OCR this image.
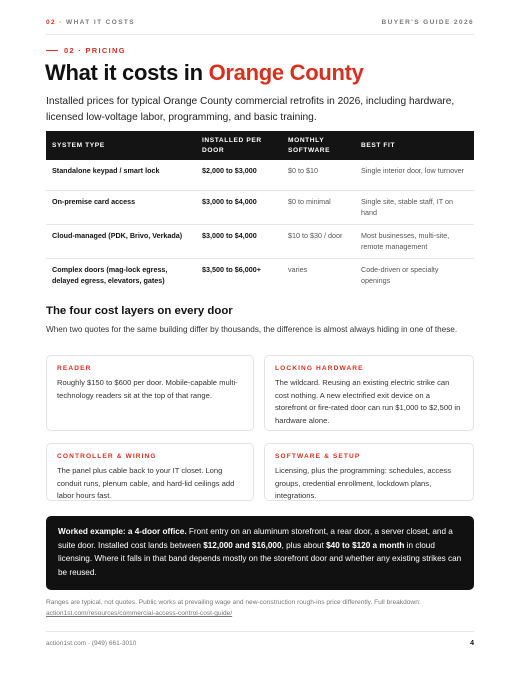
02 · WHAT IT COSTS	BUYER'S GUIDE 2026
02 · PRICING
What it costs in Orange County

Installed prices for typical Orange County commercial retrofits in 2026, including hardware, licensed low-voltage labor, programming, and basic training.

SYSTEM TYPE	INSTALLED PER DOOR	MONTHLY SOFTWARE	BEST FIT
Standalone keypad / smart lock	$2,000 to $3,000	$0 to $10	Single interior door, low turnover
On-premise card access	$3,000 to $4,000	$0 to minimal	Single site, stable staff, IT on hand
Cloud-managed (PDK, Brivo, Verkada)	$3,000 to $4,000	$10 to $30 / door	Most businesses, multi-site, remote management
Complex doors (mag-lock egress, delayed egress, elevators, gates)	$3,500 to $6,000+	varies	Code-driven or specialty openings
The four cost layers on every door

When two quotes for the same building differ by thousands, the difference is almost always hiding in one of these.

READER
Roughly $150 to $600 per door. Mobile-capable multi-technology readers sit at the top of that range.
LOCKING HARDWARE
The wildcard. Reusing an existing electric strike can cost nothing. A new electrified exit device on a storefront or fire-rated door can run $1,000 to $2,500 in hardware alone.
CONTROLLER & WIRING
The panel plus cable back to your IT closet. Long conduit runs, plenum cable, and hard-lid ceilings add labor hours fast.
SOFTWARE & SETUP
Licensing, plus the programming: schedules, access groups, credential enrollment, lockdown plans, integrations.
Worked example: a 4-door office. Front entry on an aluminum storefront, a rear door, a server closet, and a suite door. Installed cost lands between $12,000 and $16,000, plus about $40 to $120 a month in cloud licensing. Where it falls in that band depends mostly on the storefront door and whether any existing strikes can be reused.
Ranges are typical, not quotes. Public works at prevailing wage and new-construction rough-ins price differently. Full breakdown:
action1st.com/resources/commercial-access-control-cost-guide/
action1st.com · (949) 661-3010	4
